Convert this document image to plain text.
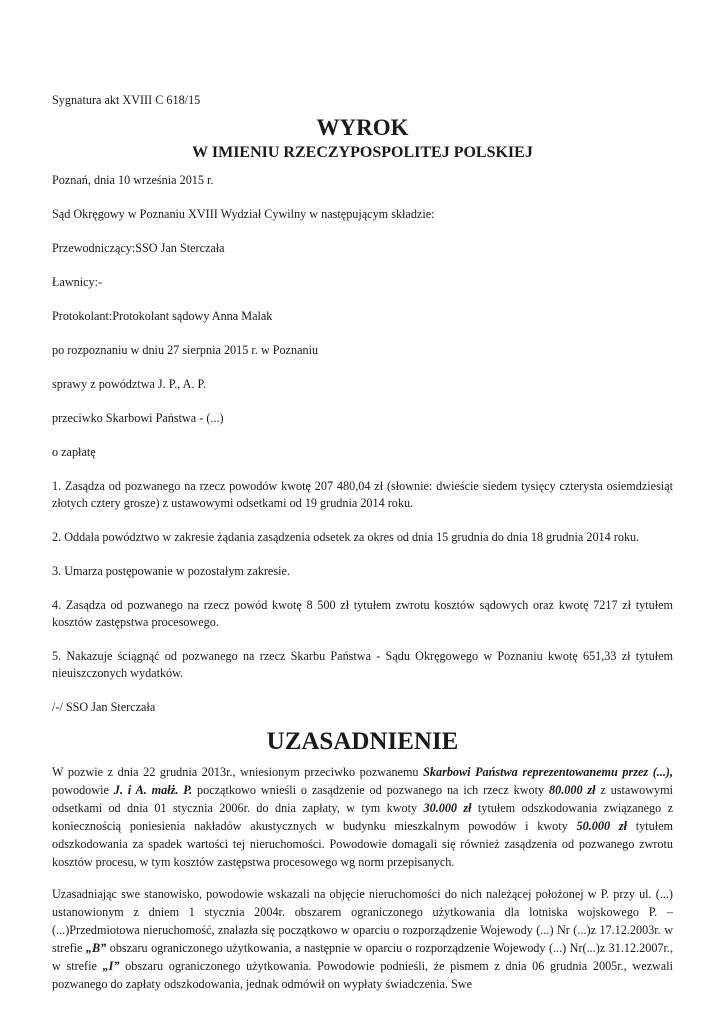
Sygnatura akt XVIII C 618/15

WYROK
W IMIENIU RZECZYPOSPOLITEJ POLSKIEJ

Poznań, dnia 10 września 2015 r.

Sąd Okręgowy w Poznaniu XVIII Wydział Cywilny w następującym składzie:

Przewodniczący:SSO Jan Sterczała

Ławnicy:-

Protokolant:Protokolant sądowy Anna Malak

po rozpoznaniu w dniu 27 sierpnia 2015 r. w Poznaniu

sprawy z powództwa J. P., A. P.

przeciwko Skarbowi Państwa - (...)

o zapłatę

1. Zasądza od pozwanego na rzecz powodów kwotę 207 480,04 zł (słownie: dwieście siedem tysięcy czterysta osiemdziesiąt złotych cztery grosze) z ustawowymi odsetkami od 19 grudnia 2014 roku.

2. Oddala powództwo w zakresie żądania zasądzenia odsetek za okres od dnia 15 grudnia do dnia 18 grudnia 2014 roku.

3. Umarza postępowanie w pozostałym zakresie.

4. Zasądza od pozwanego na rzecz powód kwotę 8 500 zł tytułem zwrotu kosztów sądowych oraz kwotę 7217 zł tytułem kosztów zastępstwa procesowego.

5. Nakazuje ściągnąć od pozwanego na rzecz Skarbu Państwa - Sądu Okręgowego w Poznaniu kwotę 651,33 zł tytułem nieuiszczonych wydatków.

/-/ SSO Jan Sterczała

UZASADNIENIE

W pozwie z dnia 22 grudnia 2013r., wniesionym przeciwko pozwanemu Skarbowi Państwa reprezentowanemu przez (...), powodowie J. i A. małż. P. początkowo wnieśli o zasądzenie od pozwanego na ich rzecz kwoty 80.000 zł z ustawowymi odsetkami od dnia 01 stycznia 2006r. do dnia zapłaty, w tym kwoty 30.000 zł tytułem odszkodowania związanego z koniecznością poniesienia nakładów akustycznych w budynku mieszkalnym powodów i kwoty 50.000 zł tytułem odszkodowania za spadek wartości tej nieruchomości. Powodowie domagali się również zasądzenia od pozwanego zwrotu kosztów procesu, w tym kosztów zastępstwa procesowego wg norm przepisanych.

Uzasadniając swe stanowisko, powodowie wskazali na objęcie nieruchomości do nich należącej położonej w P. przy ul. (...) ustanowionym z dniem 1 stycznia 2004r. obszarem ograniczonego użytkowania dla lotniska wojskowego P. – (...)Przedmiotowa nieruchomość, znalazła się początkowo w oparciu o rozporządzenie Wojewody (...) Nr (...)z 17.12.2003r. w strefie „B” obszaru ograniczonego użytkowania, a następnie w oparciu o rozporządzenie Wojewody (...) Nr(...)z 31.12.2007r., w strefie „I” obszaru ograniczonego użytkowania. Powodowie podnieśli, że pismem z dnia 06 grudnia 2005r., wezwali pozwanego do zapłaty odszkodowania, jednak odmówił on wypłaty świadczenia. Swe
